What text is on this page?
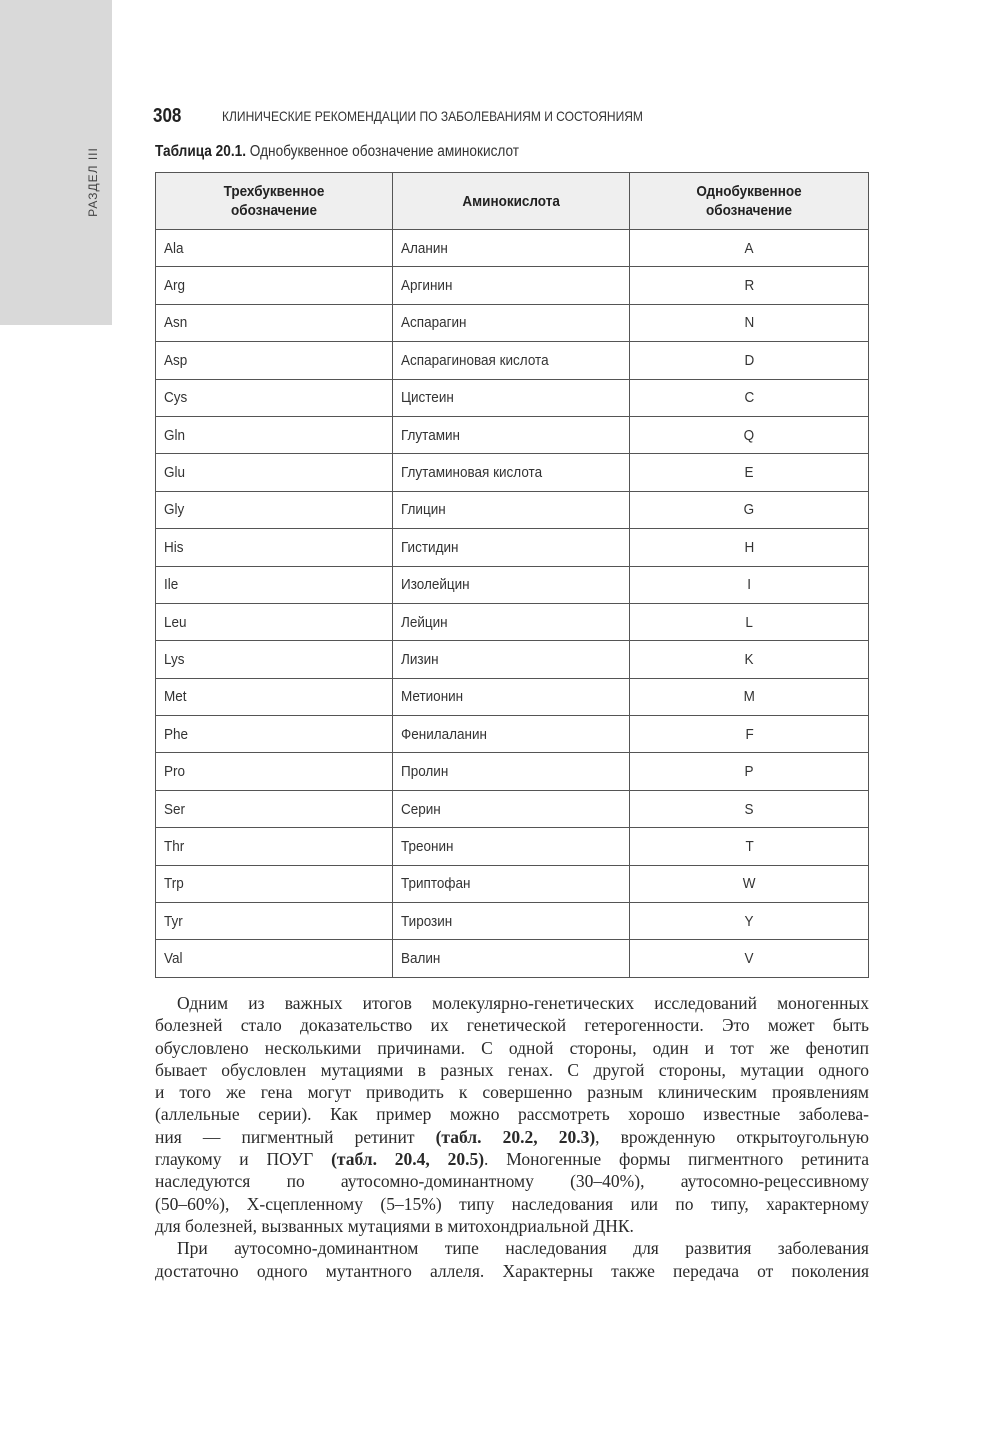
РАЗДЕЛ III
308	КЛИНИЧЕСКИЕ РЕКОМЕНДАЦИИ ПО ЗАБОЛЕВАНИЯМ И СОСТОЯНИЯМ
Таблица 20.1. Однобуквенное обозначение аминокислот
Трехбуквенное обозначение	Аминокислота	Однобуквенное обозначение
Ala	Аланин	A
Arg	Аргинин	R
Asn	Аспарагин	N
Asp	Аспарагиновая кислота	D
Cys	Цистеин	C
Gln	Глутамин	Q
Glu	Глутаминовая кислота	E
Gly	Глицин	G
His	Гистидин	H
Ile	Изолейцин	I
Leu	Лейцин	L
Lys	Лизин	K
Met	Метионин	M
Phe	Фенилаланин	F
Pro	Пролин	P
Ser	Серин	S
Thr	Треонин	T
Trp	Триптофан	W
Tyr	Тирозин	Y
Val	Валин	V
Одним из важных итогов молекулярно-генетических исследований моногенных
болезней стало доказательство их генетической гетерогенности. Это может быть
обусловлено несколькими причинами. С одной стороны, один и тот же фенотип
бывает обусловлен мутациями в разных генах. С другой стороны, мутации одного
и того же гена могут приводить к совершенно разным клиническим проявлениям
(аллельные серии). Как пример можно рассмотреть хорошо известные заболева-
ния — пигментный ретинит (табл. 20.2, 20.3), врожденную открытоугольную
глаукому и ПОУГ (табл. 20.4, 20.5). Моногенные формы пигментного ретинита
наследуются по аутосомно-доминантному (30–40%), аутосомно-рецессивному
(50–60%), Х-сцепленному (5–15%) типу наследования или по типу, характерному
для болезней, вызванных мутациями в митохондриальной ДНК.
При аутосомно-доминантном типе наследования для развития заболевания
достаточно одного мутантного аллеля. Характерны также передача от поколения
